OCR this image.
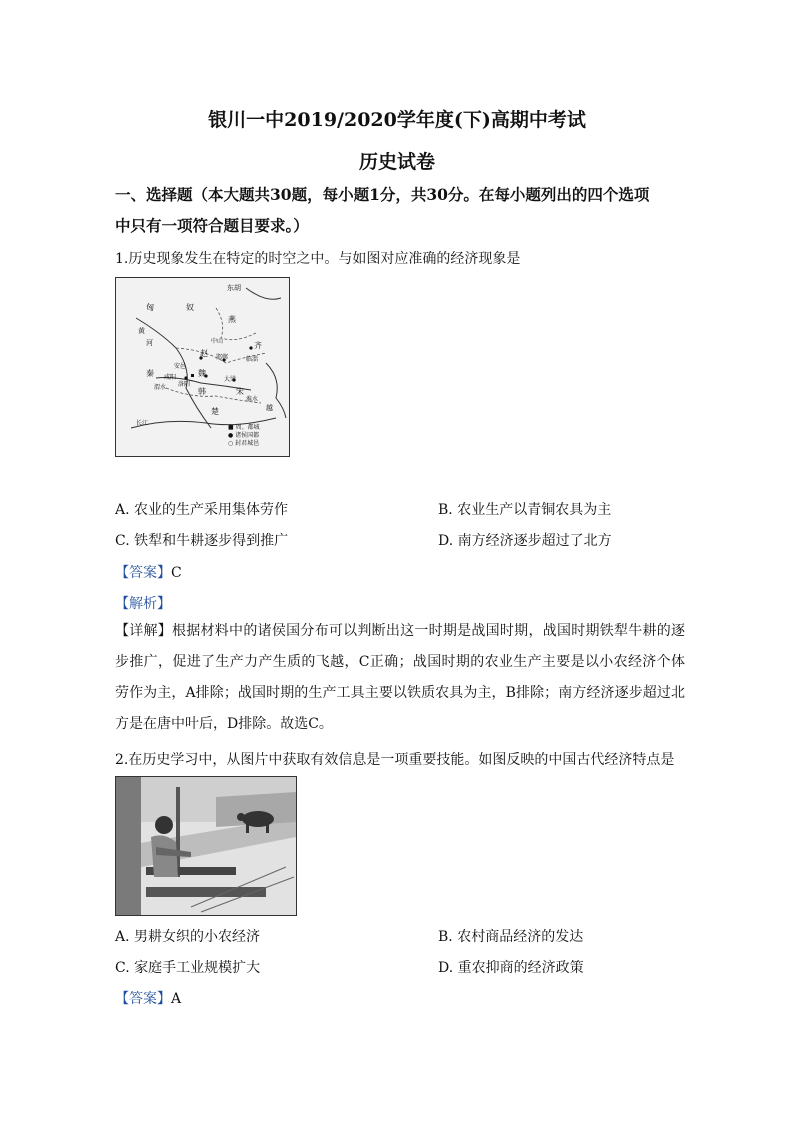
银川一中2019/2020学年度(下)高期中考试
历史试卷
一、选择题（本大题共30题，每小题1分，共30分。在每小题列出的四个选项
中只有一项符合题目要求。）
1.历史现象发生在特定的时空之中。与如图对应准确的经济现象是
东胡
匈	奴
燕
中山
赵 邯郸
齐
临淄
秦 咸阳	魏
韩
安邑
大梁
洛阳
楚
宋
河
黄
淮水
渭水
长江
越
■ 周、都城
● 诸侯国都
○ 封君城邑
A. 农业的生产采用集体劳作	B. 农业生产以青铜农具为主
C. 铁犁和牛耕逐步得到推广	D. 南方经济逐步超过了北方
【答案】C
【解析】
【详解】根据材料中的诸侯国分布可以判断出这一时期是战国时期，战国时期铁犁牛耕的逐步推广，促进了生产力产生质的飞越，C正确；战国时期的农业生产主要是以小农经济个体劳作为主，A排除；战国时期的生产工具主要以铁质农具为主，B排除；南方经济逐步超过北方是在唐中叶后，D排除。故选C。
2.在历史学习中，从图片中获取有效信息是一项重要技能。如图反映的中国古代经济特点是
A. 男耕女织的小农经济	B. 农村商品经济的发达
C. 家庭手工业规模扩大	D. 重农抑商的经济政策
【答案】A
